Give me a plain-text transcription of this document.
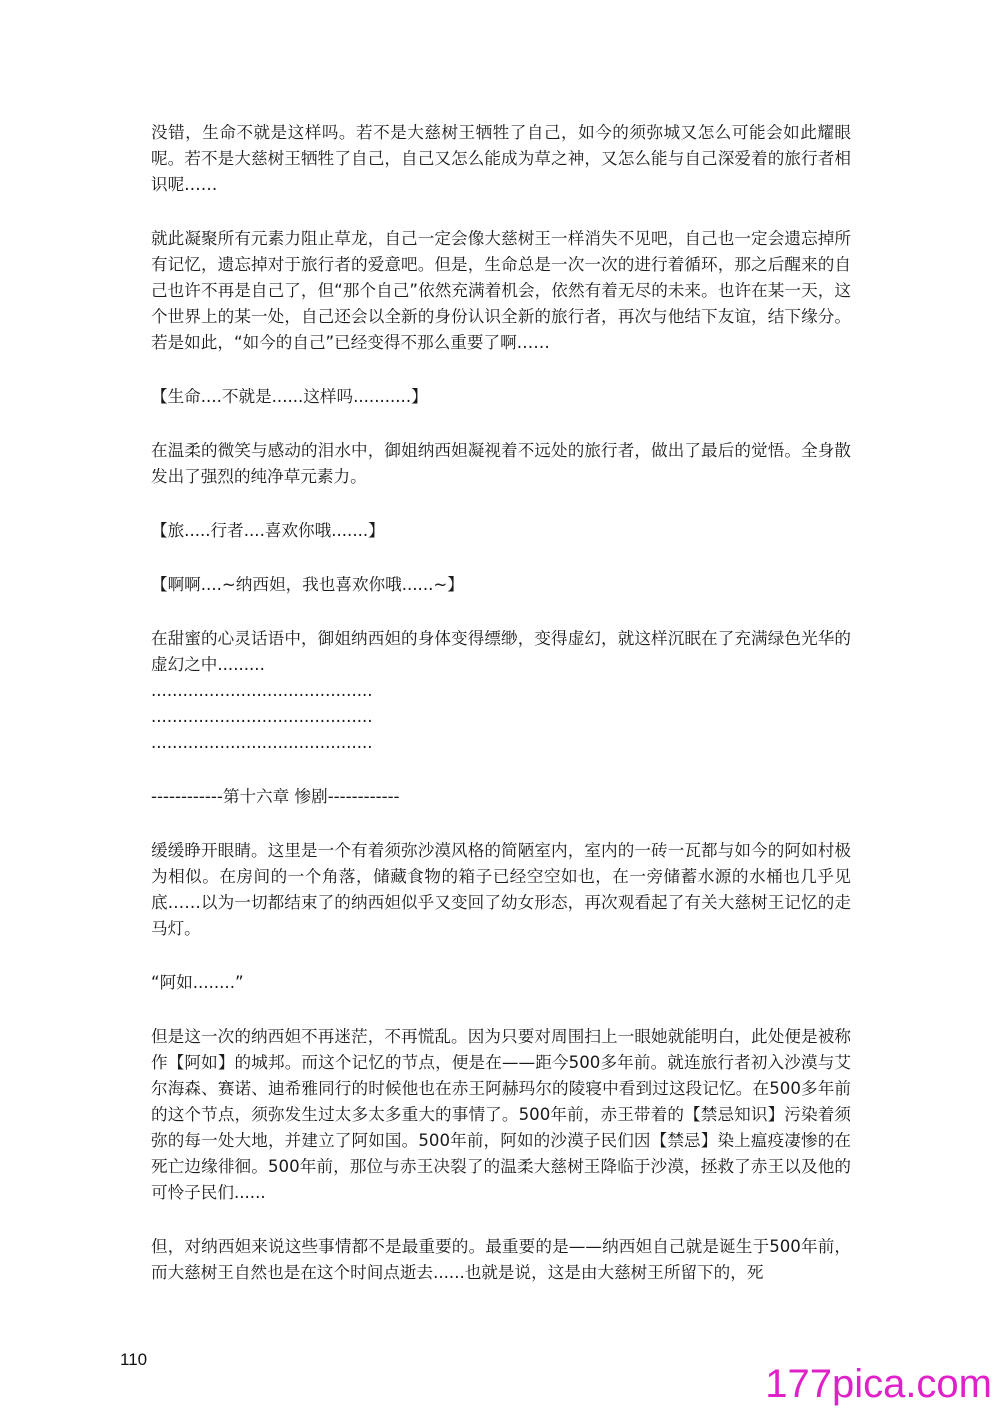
没错，生命不就是这样吗。若不是大慈树王牺牲了自己，如今的须弥城又怎么可能会如此耀眼呢。若不是大慈树王牺牲了自己，自己又怎么能成为草之神，又怎么能与自己深爱着的旅行者相识呢……

就此凝聚所有元素力阻止草龙，自己一定会像大慈树王一样消失不见吧，自己也一定会遗忘掉所有记忆，遗忘掉对于旅行者的爱意吧。但是，生命总是一次一次的进行着循环，那之后醒来的自己也许不再是自己了，但“那个自己”依然充满着机会，依然有着无尽的未来。也许在某一天，这个世界上的某一处，自己还会以全新的身份认识全新的旅行者，再次与他结下友谊，结下缘分。若是如此，“如今的自己”已经变得不那么重要了啊……

【生命....不就是......这样吗...........】

在温柔的微笑与感动的泪水中，御姐纳西妲凝视着不远处的旅行者，做出了最后的觉悟。全身散发出了强烈的纯净草元素力。

【旅.....行者....喜欢你哦.......】

【啊啊....~纳西妲，我也喜欢你哦......~】

在甜蜜的心灵话语中，御姐纳西妲的身体变得缥缈，变得虚幻，就这样沉眠在了充满绿色光华的虚幻之中.........

..........................................

..........................................

..........................................

------------第十六章 惨剧------------

缓缓睁开眼睛。这里是一个有着须弥沙漠风格的简陋室内，室内的一砖一瓦都与如今的阿如村极为相似。在房间的一个角落，储藏食物的箱子已经空空如也，在一旁储蓄水源的水桶也几乎见底……以为一切都结束了的纳西妲似乎又变回了幼女形态，再次观看起了有关大慈树王记忆的走马灯。

“阿如........”

但是这一次的纳西妲不再迷茫，不再慌乱。因为只要对周围扫上一眼她就能明白，此处便是被称作【阿如】的城邦。而这个记忆的节点，便是在——距今500多年前。就连旅行者初入沙漠与艾尔海森、赛诺、迪希雅同行的时候他也在赤王阿赫玛尔的陵寝中看到过这段记忆。在500多年前的这个节点，须弥发生过太多太多重大的事情了。500年前，赤王带着的【禁忌知识】污染着须弥的每一处大地，并建立了阿如国。500年前，阿如的沙漠子民们因【禁忌】染上瘟疫凄惨的在死亡边缘徘徊。500年前，那位与赤王决裂了的温柔大慈树王降临于沙漠，拯救了赤王以及他的可怜子民们......

但，对纳西妲来说这些事情都不是最重要的。最重要的是——纳西妲自己就是诞生于500年前，而大慈树王自然也是在这个时间点逝去......也就是说，这是由大慈树王所留下的，死

110
177pica.com
